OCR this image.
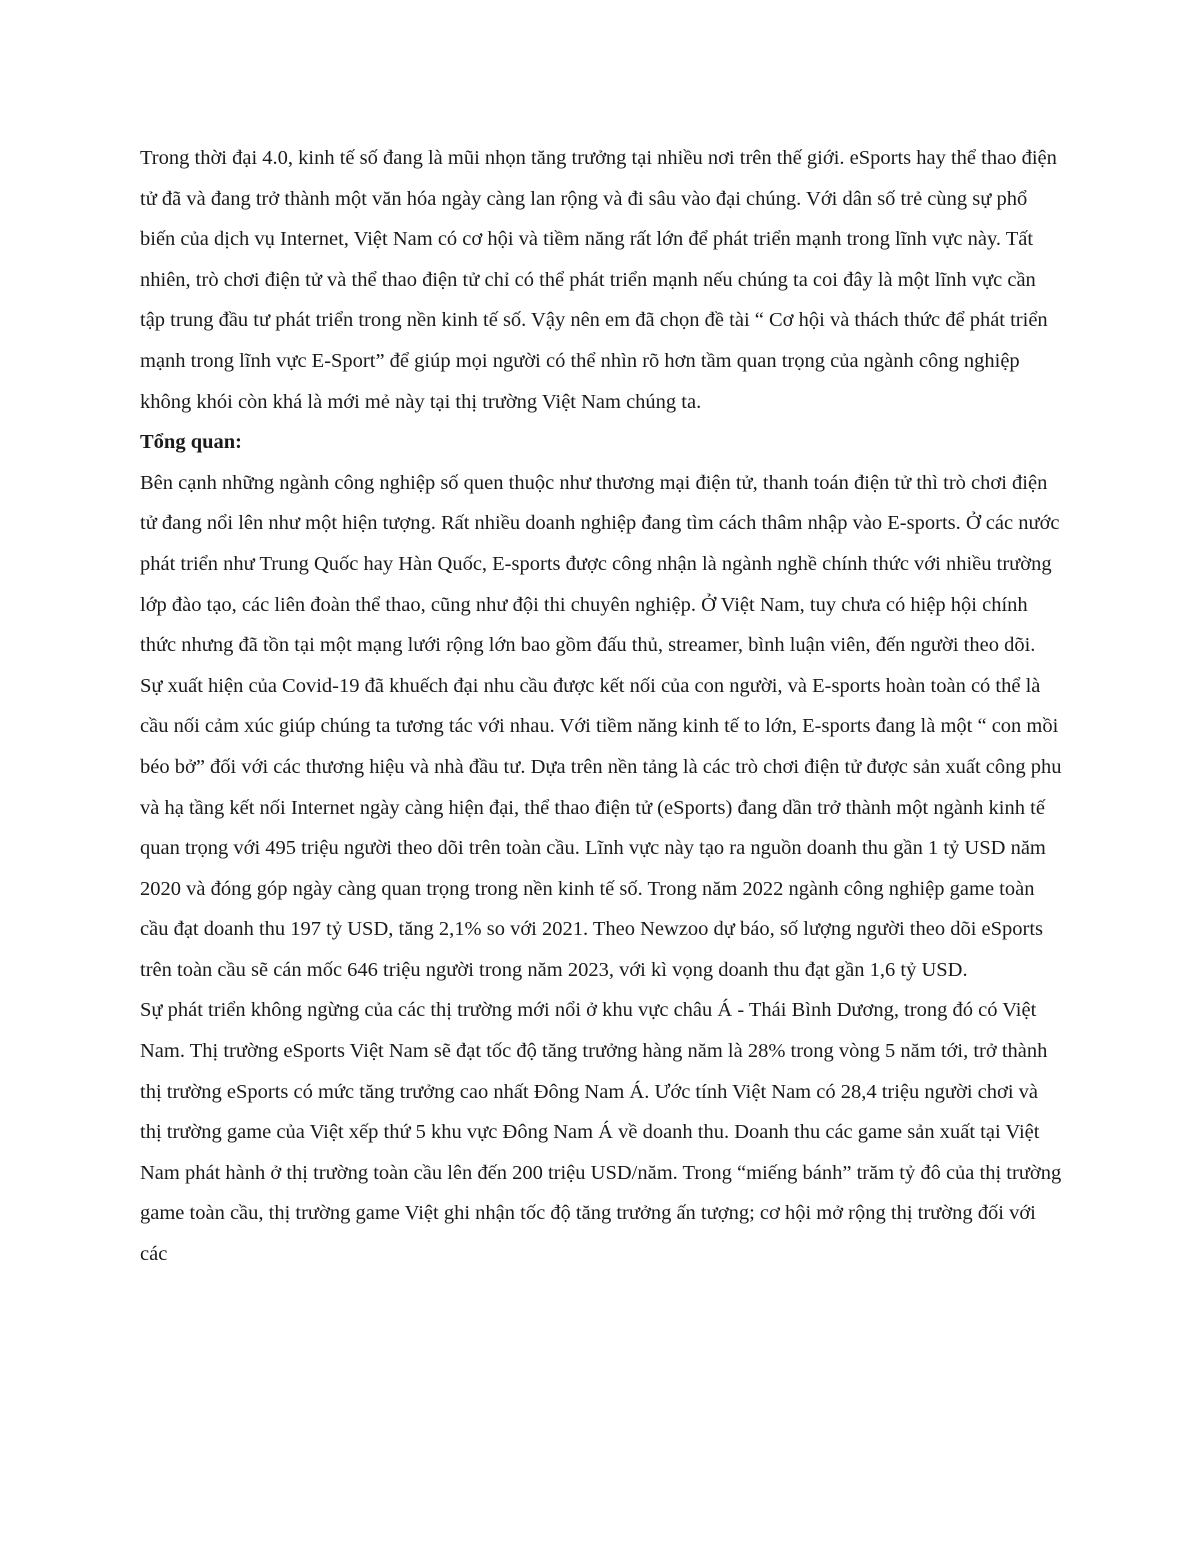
Trong thời đại 4.0, kinh tế số đang là mũi nhọn tăng trưởng tại nhiều nơi trên thế giới. eSports hay thể thao điện tử đã và đang trở thành một văn hóa ngày càng lan rộng và đi sâu vào đại chúng. Với dân số trẻ cùng sự phổ biến của dịch vụ Internet, Việt Nam có cơ hội và tiềm năng rất lớn để phát triển mạnh trong lĩnh vực này. Tất nhiên, trò chơi điện tử và thể thao điện tử chỉ có thể phát triển mạnh nếu chúng ta coi đây là một lĩnh vực cần tập trung đầu tư phát triển trong nền kinh tế số. Vậy nên em đã chọn đề tài “ Cơ hội và thách thức để phát triển mạnh trong lĩnh vực E-Sport” để giúp mọi người có thể nhìn rõ hơn tầm quan trọng của ngành công nghiệp không khói còn khá là mới mẻ này tại thị trường Việt Nam chúng ta.

Tổng quan:

Bên cạnh những ngành công nghiệp số quen thuộc như thương mại điện tử, thanh toán điện tử thì trò chơi điện tử đang nổi lên như một hiện tượng. Rất nhiều doanh nghiệp đang tìm cách thâm nhập vào E-sports. Ở các nước phát triển như Trung Quốc hay Hàn Quốc, E-sports được công nhận là ngành nghề chính thức với nhiều trường lớp đào tạo, các liên đoàn thể thao, cũng như đội thi chuyên nghiệp. Ở Việt Nam, tuy chưa có hiệp hội chính thức nhưng đã tồn tại một mạng lưới rộng lớn bao gồm đấu thủ, streamer, bình luận viên, đến người theo dõi. Sự xuất hiện của Covid-19 đã khuếch đại nhu cầu được kết nối của con người, và E-sports hoàn toàn có thể là cầu nối cảm xúc giúp chúng ta tương tác với nhau. Với tiềm năng kinh tế to lớn, E-sports đang là một “ con mồi béo bở” đối với các thương hiệu và nhà đầu tư. Dựa trên nền tảng là các trò chơi điện tử được sản xuất công phu và hạ tầng kết nối Internet ngày càng hiện đại, thể thao điện tử (eSports) đang dần trở thành một ngành kinh tế quan trọng với 495 triệu người theo dõi trên toàn cầu. Lĩnh vực này tạo ra nguồn doanh thu gần 1 tỷ USD năm 2020 và đóng góp ngày càng quan trọng trong nền kinh tế số. Trong năm 2022 ngành công nghiệp game toàn cầu đạt doanh thu 197 tỷ USD, tăng 2,1% so với 2021. Theo Newzoo dự báo, số lượng người theo dõi eSports trên toàn cầu sẽ cán mốc 646 triệu người trong năm 2023, với kì vọng doanh thu đạt gần 1,6 tỷ USD.

Sự phát triển không ngừng của các thị trường mới nổi ở khu vực châu Á - Thái Bình Dương, trong đó có Việt Nam. Thị trường eSports Việt Nam sẽ đạt tốc độ tăng trưởng hàng năm là 28% trong vòng 5 năm tới, trở thành thị trường eSports có mức tăng trưởng cao nhất Đông Nam Á. Ước tính Việt Nam có 28,4 triệu người chơi và thị trường game của Việt xếp thứ 5 khu vực Đông Nam Á về doanh thu. Doanh thu các game sản xuất tại Việt Nam phát hành ở thị trường toàn cầu lên đến 200 triệu USD/năm. Trong “miếng bánh” trăm tỷ đô của thị trường game toàn cầu, thị trường game Việt ghi nhận tốc độ tăng trưởng ấn tượng; cơ hội mở rộng thị trường đối với các
